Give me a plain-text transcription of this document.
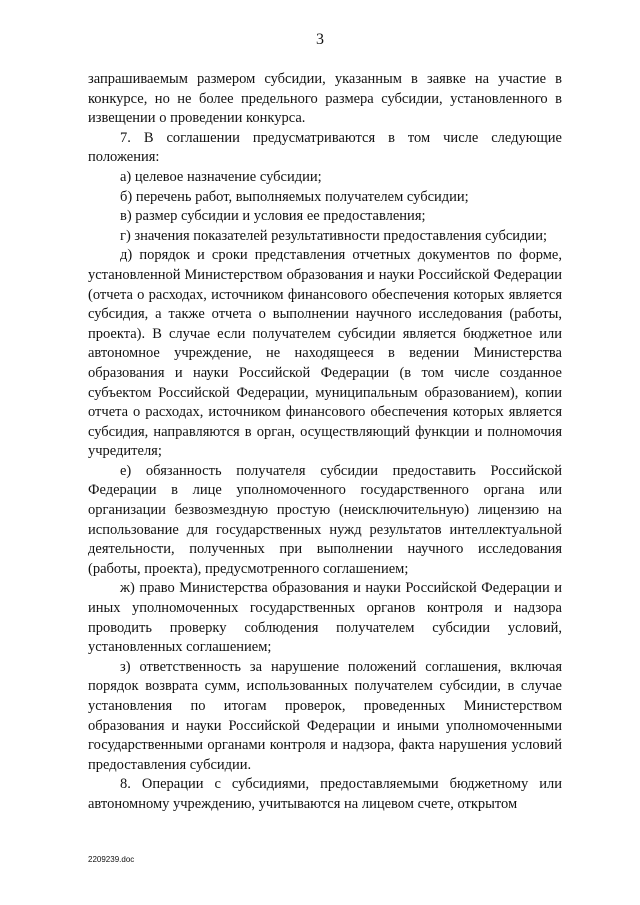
3

запрашиваемым размером субсидии, указанным в заявке на участие в конкурсе, но не более предельного размера субсидии, установленного в извещении о проведении конкурса.

7. В соглашении предусматриваются в том числе следующие положения:

а) целевое назначение субсидии;

б) перечень работ, выполняемых получателем субсидии;

в) размер субсидии и условия ее предоставления;

г) значения показателей результативности предоставления субсидии;

д) порядок и сроки представления отчетных документов по форме, установленной Министерством образования и науки Российской Федерации (отчета о расходах, источником финансового обеспечения которых является субсидия, а также отчета о выполнении научного исследования (работы, проекта). В случае если получателем субсидии является бюджетное или автономное учреждение, не находящееся в ведении Министерства образования и науки Российской Федерации (в том числе созданное субъектом Российской Федерации, муниципальным образованием), копии отчета о расходах, источником финансового обеспечения которых является субсидия, направляются в орган, осуществляющий функции и полномочия учредителя;

е) обязанность получателя субсидии предоставить Российской Федерации в лице уполномоченного государственного органа или организации безвозмездную простую (неисключительную) лицензию на использование для государственных нужд результатов интеллектуальной деятельности, полученных при выполнении научного исследования (работы, проекта), предусмотренного соглашением;

ж) право Министерства образования и науки Российской Федерации и иных уполномоченных государственных органов контроля и надзора проводить проверку соблюдения получателем субсидии условий, установленных соглашением;

з) ответственность за нарушение положений соглашения, включая порядок возврата сумм, использованных получателем субсидии, в случае установления по итогам проверок, проведенных Министерством образования и науки Российской Федерации и иными уполномоченными государственными органами контроля и надзора, факта нарушения условий предоставления субсидии.

8. Операции с субсидиями, предоставляемыми бюджетному или автономному учреждению, учитываются на лицевом счете, открытом

2209239.doc
